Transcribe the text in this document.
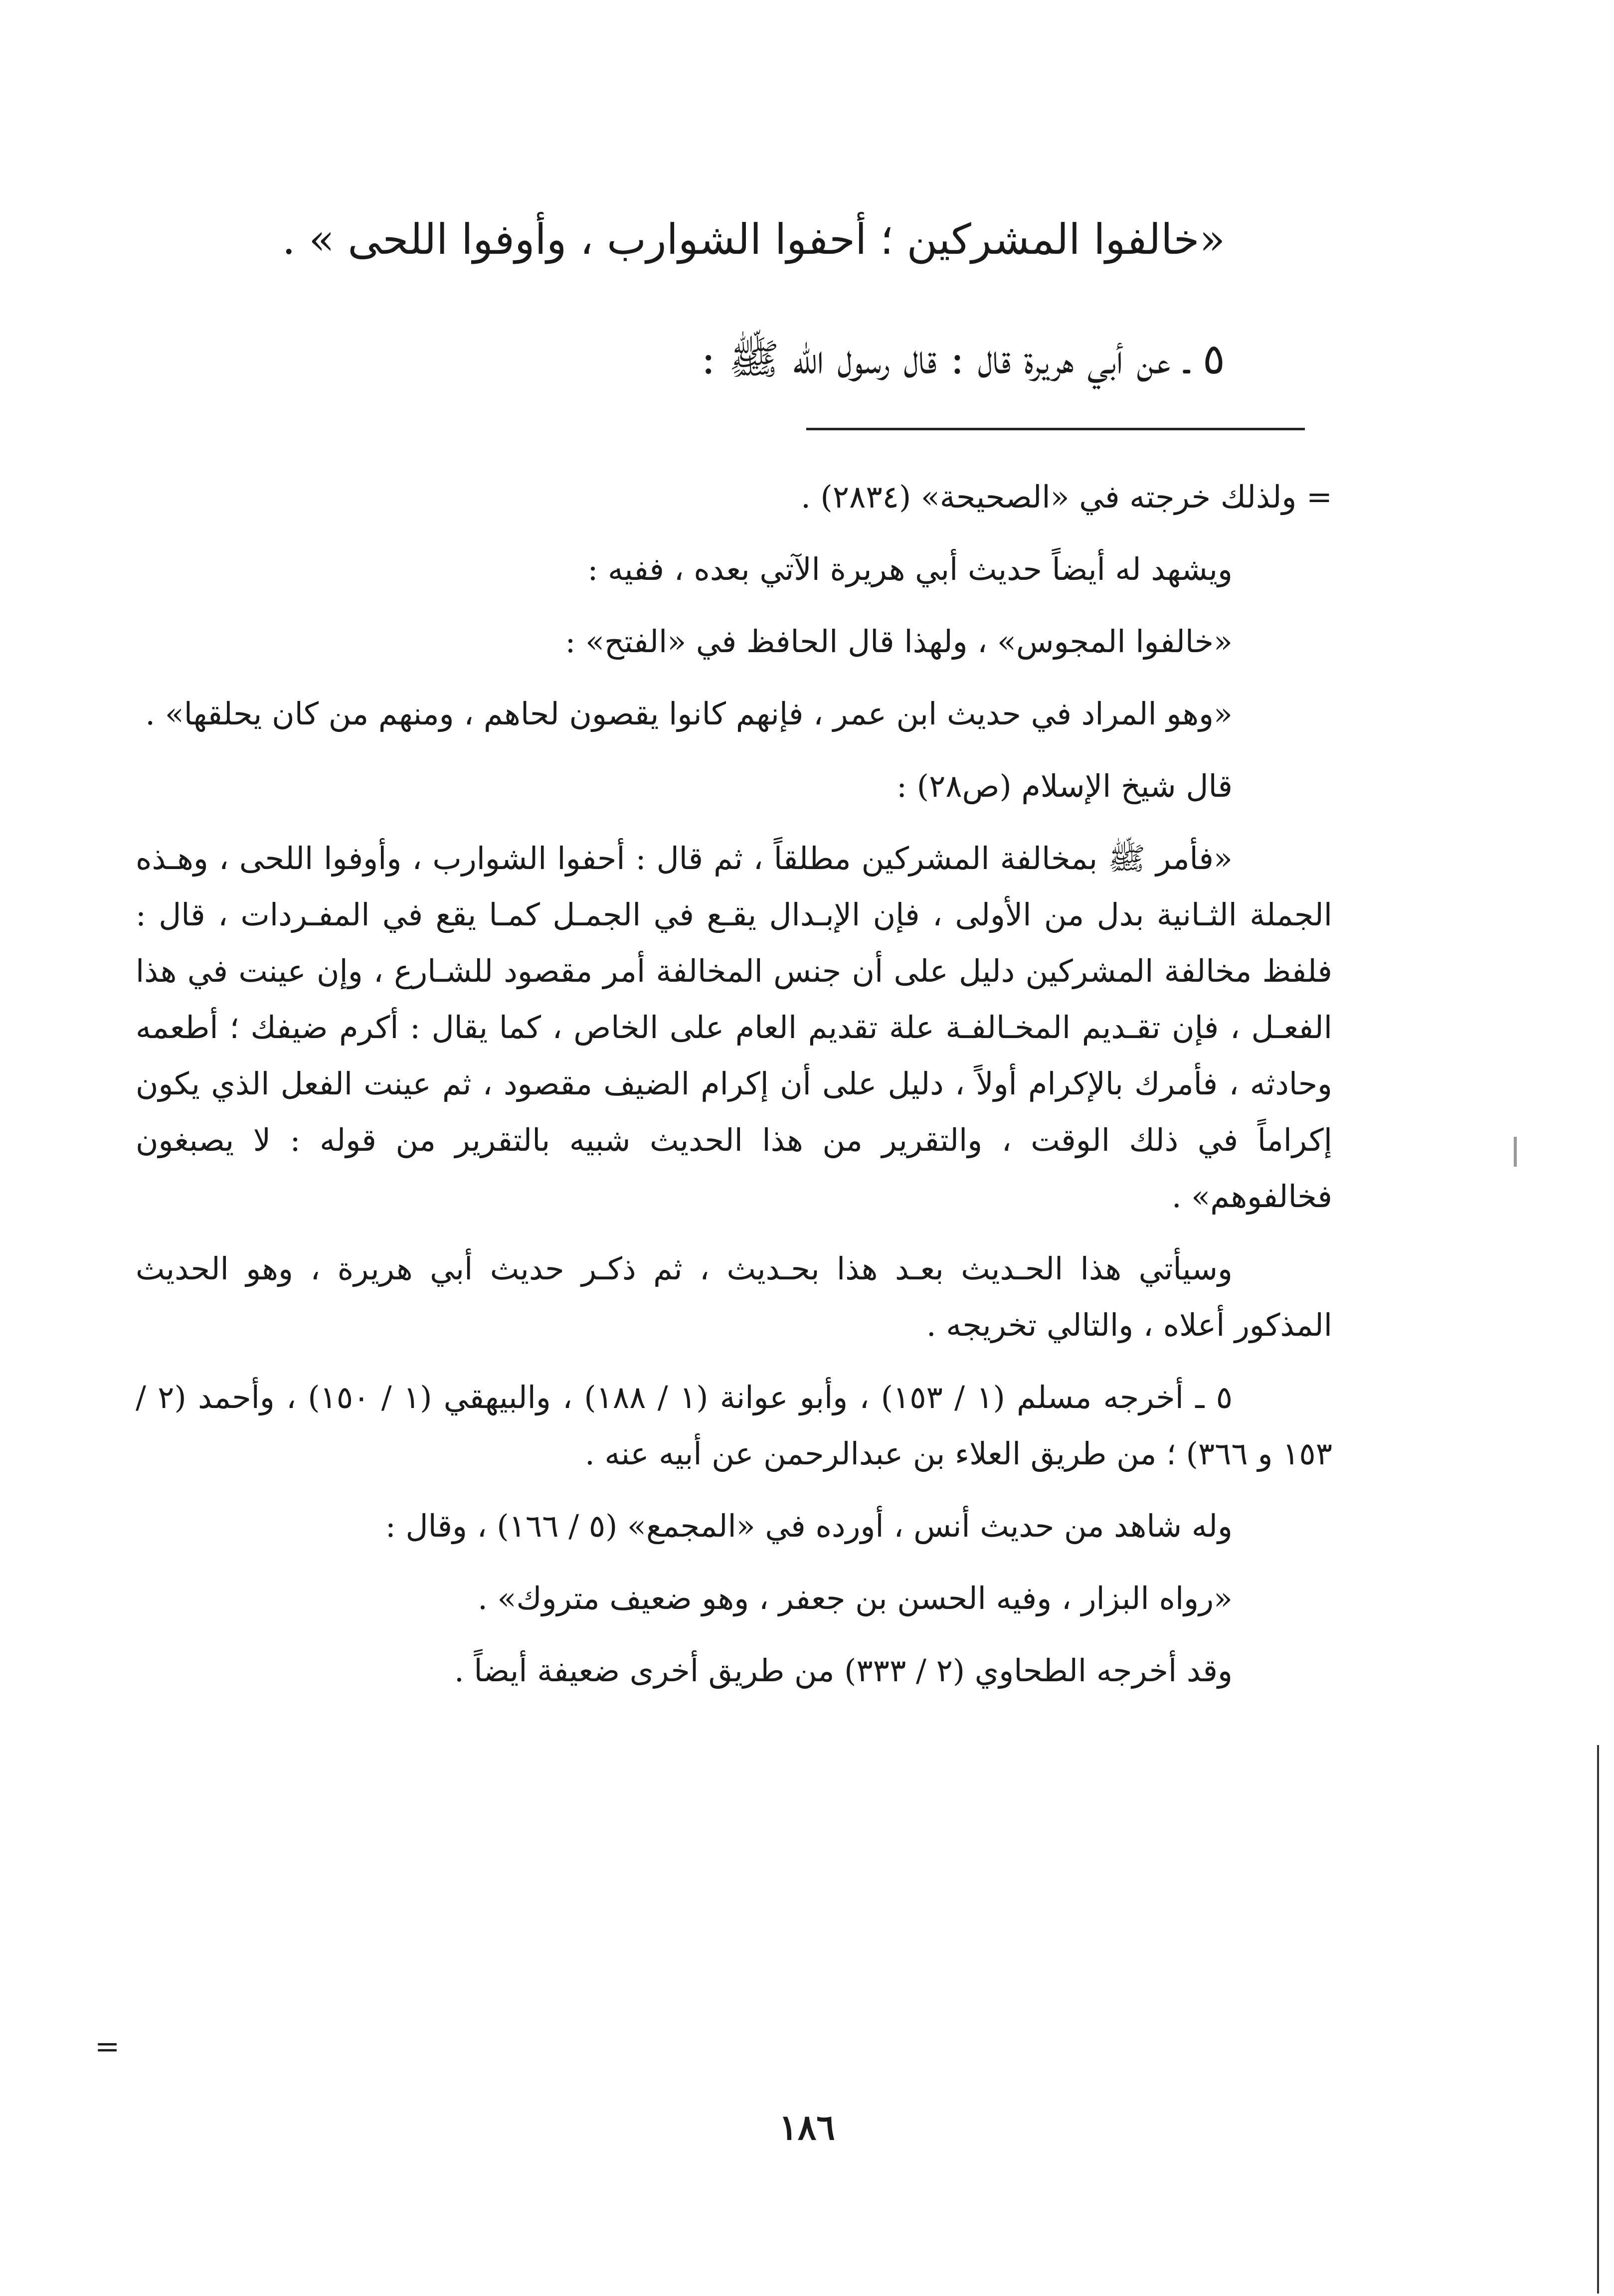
«خالفوا المشركين ؛ أحفوا الشوارب ، وأوفوا اللحى » .
٥ ـ عن أبي هريرة قال : قال رسول الله ﷺ :

= ولذلك خرجته في «الصحيحة» (٢٨٣٤) .

ويشهد له أيضاً حديث أبي هريرة الآتي بعده ، ففيه :

«خالفوا المجوس» ، ولهذا قال الحافظ في «الفتح» :

«وهو المراد في حديث ابن عمر ، فإنهم كانوا يقصون لحاهم ، ومنهم من كان يحلقها» .

قال شيخ الإسلام (ص٢٨) :

«فأمر ﷺ بمخالفة المشركين مطلقاً ، ثم قال : أحفوا الشوارب ، وأوفوا اللحى ، وهـذه الجملة الثـانية بدل من الأولى ، فإن الإبـدال يقـع في الجمـل كمـا يقع في المفـردات ، قال : فلفظ مخالفة المشركين دليل على أن جنس المخالفة أمر مقصود للشـارع ، وإن عينت في هذا الفعـل ، فإن تقـديم المخـالفـة علة تقديم العام على الخاص ، كما يقال : أكرم ضيفك ؛ أطعمه وحادثه ، فأمرك بالإكرام أولاً ، دليل على أن إكرام الضيف مقصود ، ثم عينت الفعل الذي يكون إكراماً في ذلك الوقت ، والتقرير من هذا الحديث شبيه بالتقرير من قوله : لا يصبغون فخالفوهم» .

وسيأتي هذا الحـديث بعـد هذا بحـديث ، ثم ذكـر حديث أبي هريرة ، وهو الحديث المذكور أعلاه ، والتالي تخريجه .

٥ ـ أخرجه مسلم (١ / ١٥٣) ، وأبو عوانة (١ / ١٨٨) ، والبيهقي (١ / ١٥٠) ، وأحمد (٢ / ١٥٣ و ٣٦٦) ؛ من طريق العلاء بن عبدالرحمن عن أبيه عنه .

وله شاهد من حديث أنس ، أورده في «المجمع» (٥ / ١٦٦) ، وقال :

«رواه البزار ، وفيه الحسن بن جعفر ، وهو ضعيف متروك» .

وقد أخرجه الطحاوي (٢ / ٣٣٣) من طريق أخرى ضعيفة أيضاً .

=
١٨٦
